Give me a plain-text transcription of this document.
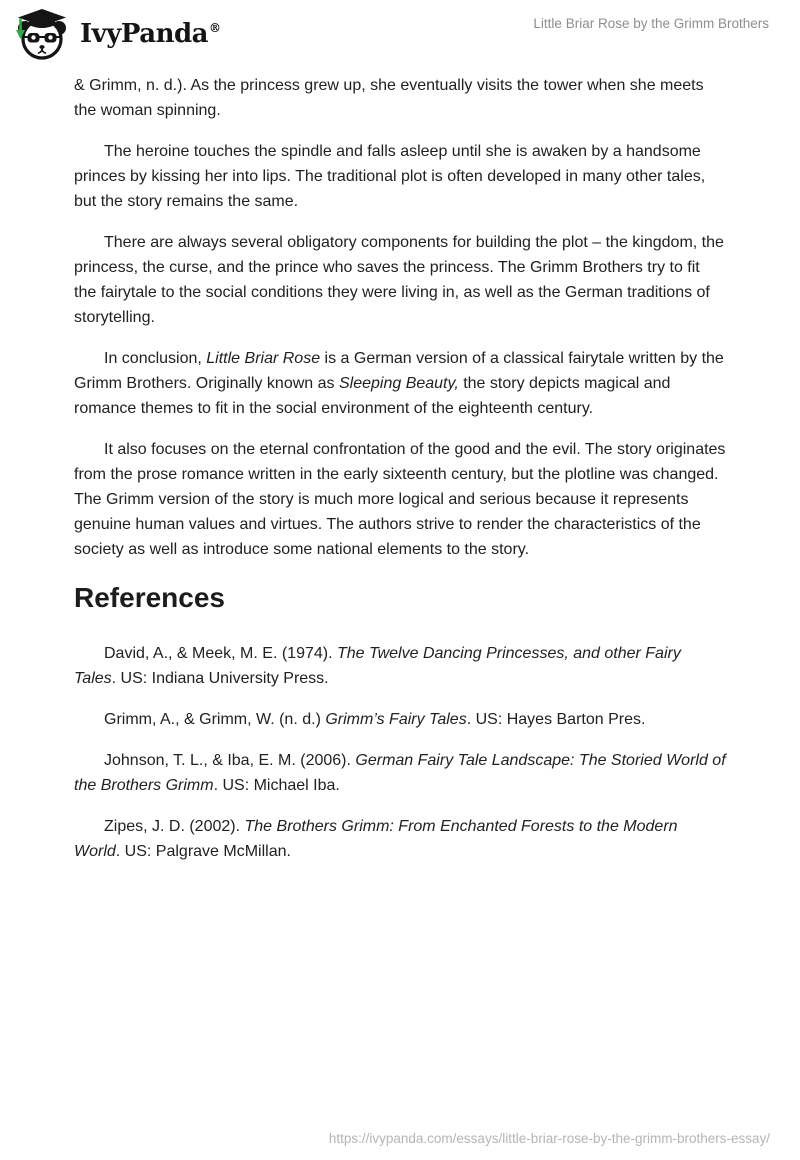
IvyPanda®	Little Briar Rose by the Grimm Brothers

& Grimm, n. d.). As the princess grew up, she eventually visits the tower when she meets the woman spinning.

The heroine touches the spindle and falls asleep until she is awaken by a handsome princes by kissing her into lips. The traditional plot is often developed in many other tales, but the story remains the same.

There are always several obligatory components for building the plot – the kingdom, the princess, the curse, and the prince who saves the princess. The Grimm Brothers try to fit the fairytale to the social conditions they were living in, as well as the German traditions of storytelling.

In conclusion, Little Briar Rose is a German version of a classical fairytale written by the Grimm Brothers. Originally known as Sleeping Beauty, the story depicts magical and romance themes to fit in the social environment of the eighteenth century.

It also focuses on the eternal confrontation of the good and the evil. The story originates from the prose romance written in the early sixteenth century, but the plotline was changed. The Grimm version of the story is much more logical and serious because it represents genuine human values and virtues. The authors strive to render the characteristics of the society as well as introduce some national elements to the story.

References

David, A., & Meek, M. E. (1974). The Twelve Dancing Princesses, and other Fairy Tales. US: Indiana University Press.

Grimm, A., & Grimm, W. (n. d.) Grimm’s Fairy Tales. US: Hayes Barton Pres.

Johnson, T. L., & Iba, E. M. (2006). German Fairy Tale Landscape: The Storied World of the Brothers Grimm. US: Michael Iba.

Zipes, J. D. (2002). The Brothers Grimm: From Enchanted Forests to the Modern World. US: Palgrave McMillan.

https://ivypanda.com/essays/little-briar-rose-by-the-grimm-brothers-essay/
